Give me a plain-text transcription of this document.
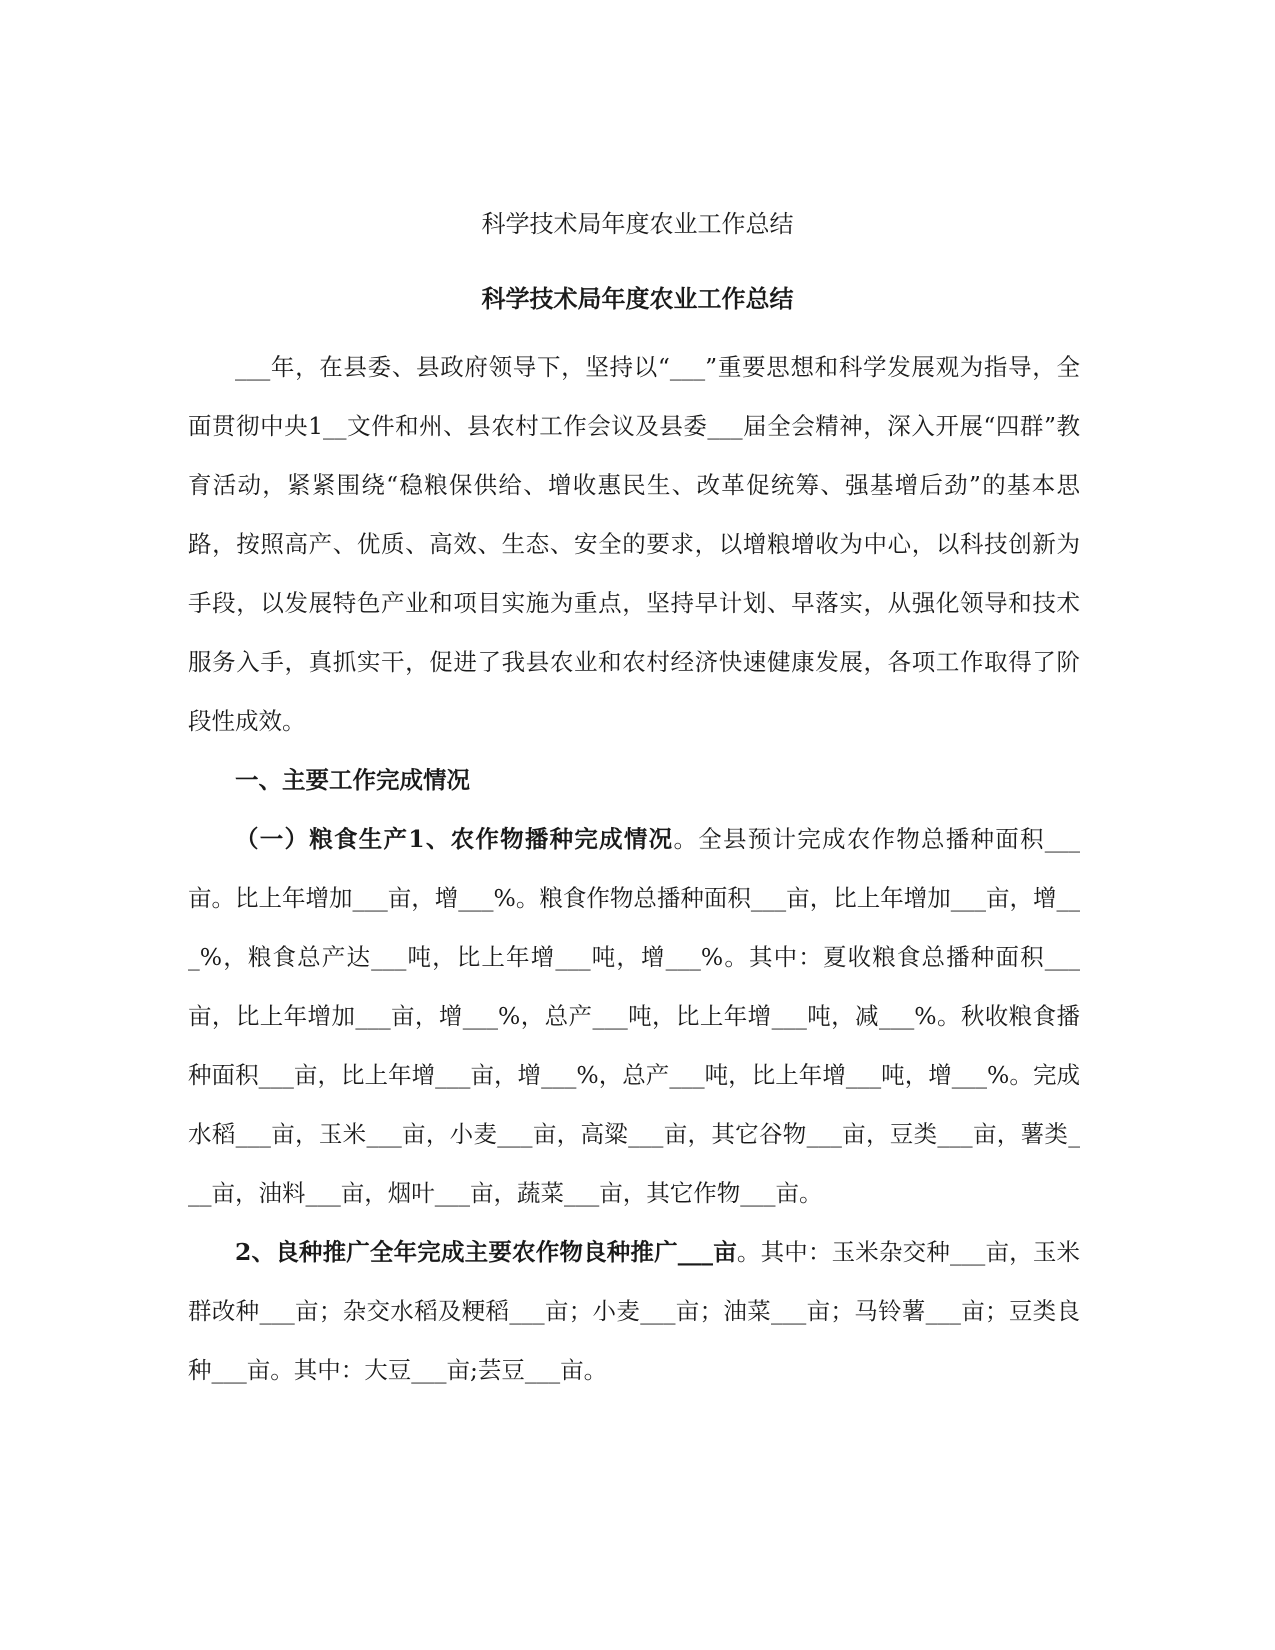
科学技术局年度农业工作总结
科学技术局年度农业工作总结

___年，在县委、县政府领导下，坚持以“___”重要思想和科学发展观为指导，全面贯彻中央1__文件和州、县农村工作会议及县委___届全会精神，深入开展“四群”教育活动，紧紧围绕“稳粮保供给、增收惠民生、改革促统筹、强基增后劲”的基本思路，按照高产、优质、高效、生态、安全的要求，以增粮增收为中心，以科技创新为手段，以发展特色产业和项目实施为重点，坚持早计划、早落实，从强化领导和技术服务入手，真抓实干，促进了我县农业和农村经济快速健康发展，各项工作取得了阶段性成效。

一、主要工作完成情况

（一）粮食生产1、农作物播种完成情况。全县预计完成农作物总播种面积___亩。比上年增加___亩，增___%。粮食作物总播种面积___亩，比上年增加___亩，增___%，粮食总产达___吨，比上年增___吨，增___%。其中：夏收粮食总播种面积___亩，比上年增加___亩，增___%，总产___吨，比上年增___吨，减___%。秋收粮食播种面积___亩，比上年增___亩，增___%，总产___吨，比上年增___吨，增___%。完成水稻___亩，玉米___亩，小麦___亩，高粱___亩，其它谷物___亩，豆类___亩，薯类___亩，油料___亩，烟叶___亩，蔬菜___亩，其它作物___亩。

2、良种推广全年完成主要农作物良种推广___亩。其中：玉米杂交种___亩，玉米群改种___亩；杂交水稻及粳稻___亩；小麦___亩；油菜___亩；马铃薯___亩；豆类良种___亩。其中：大豆___亩;芸豆___亩。
